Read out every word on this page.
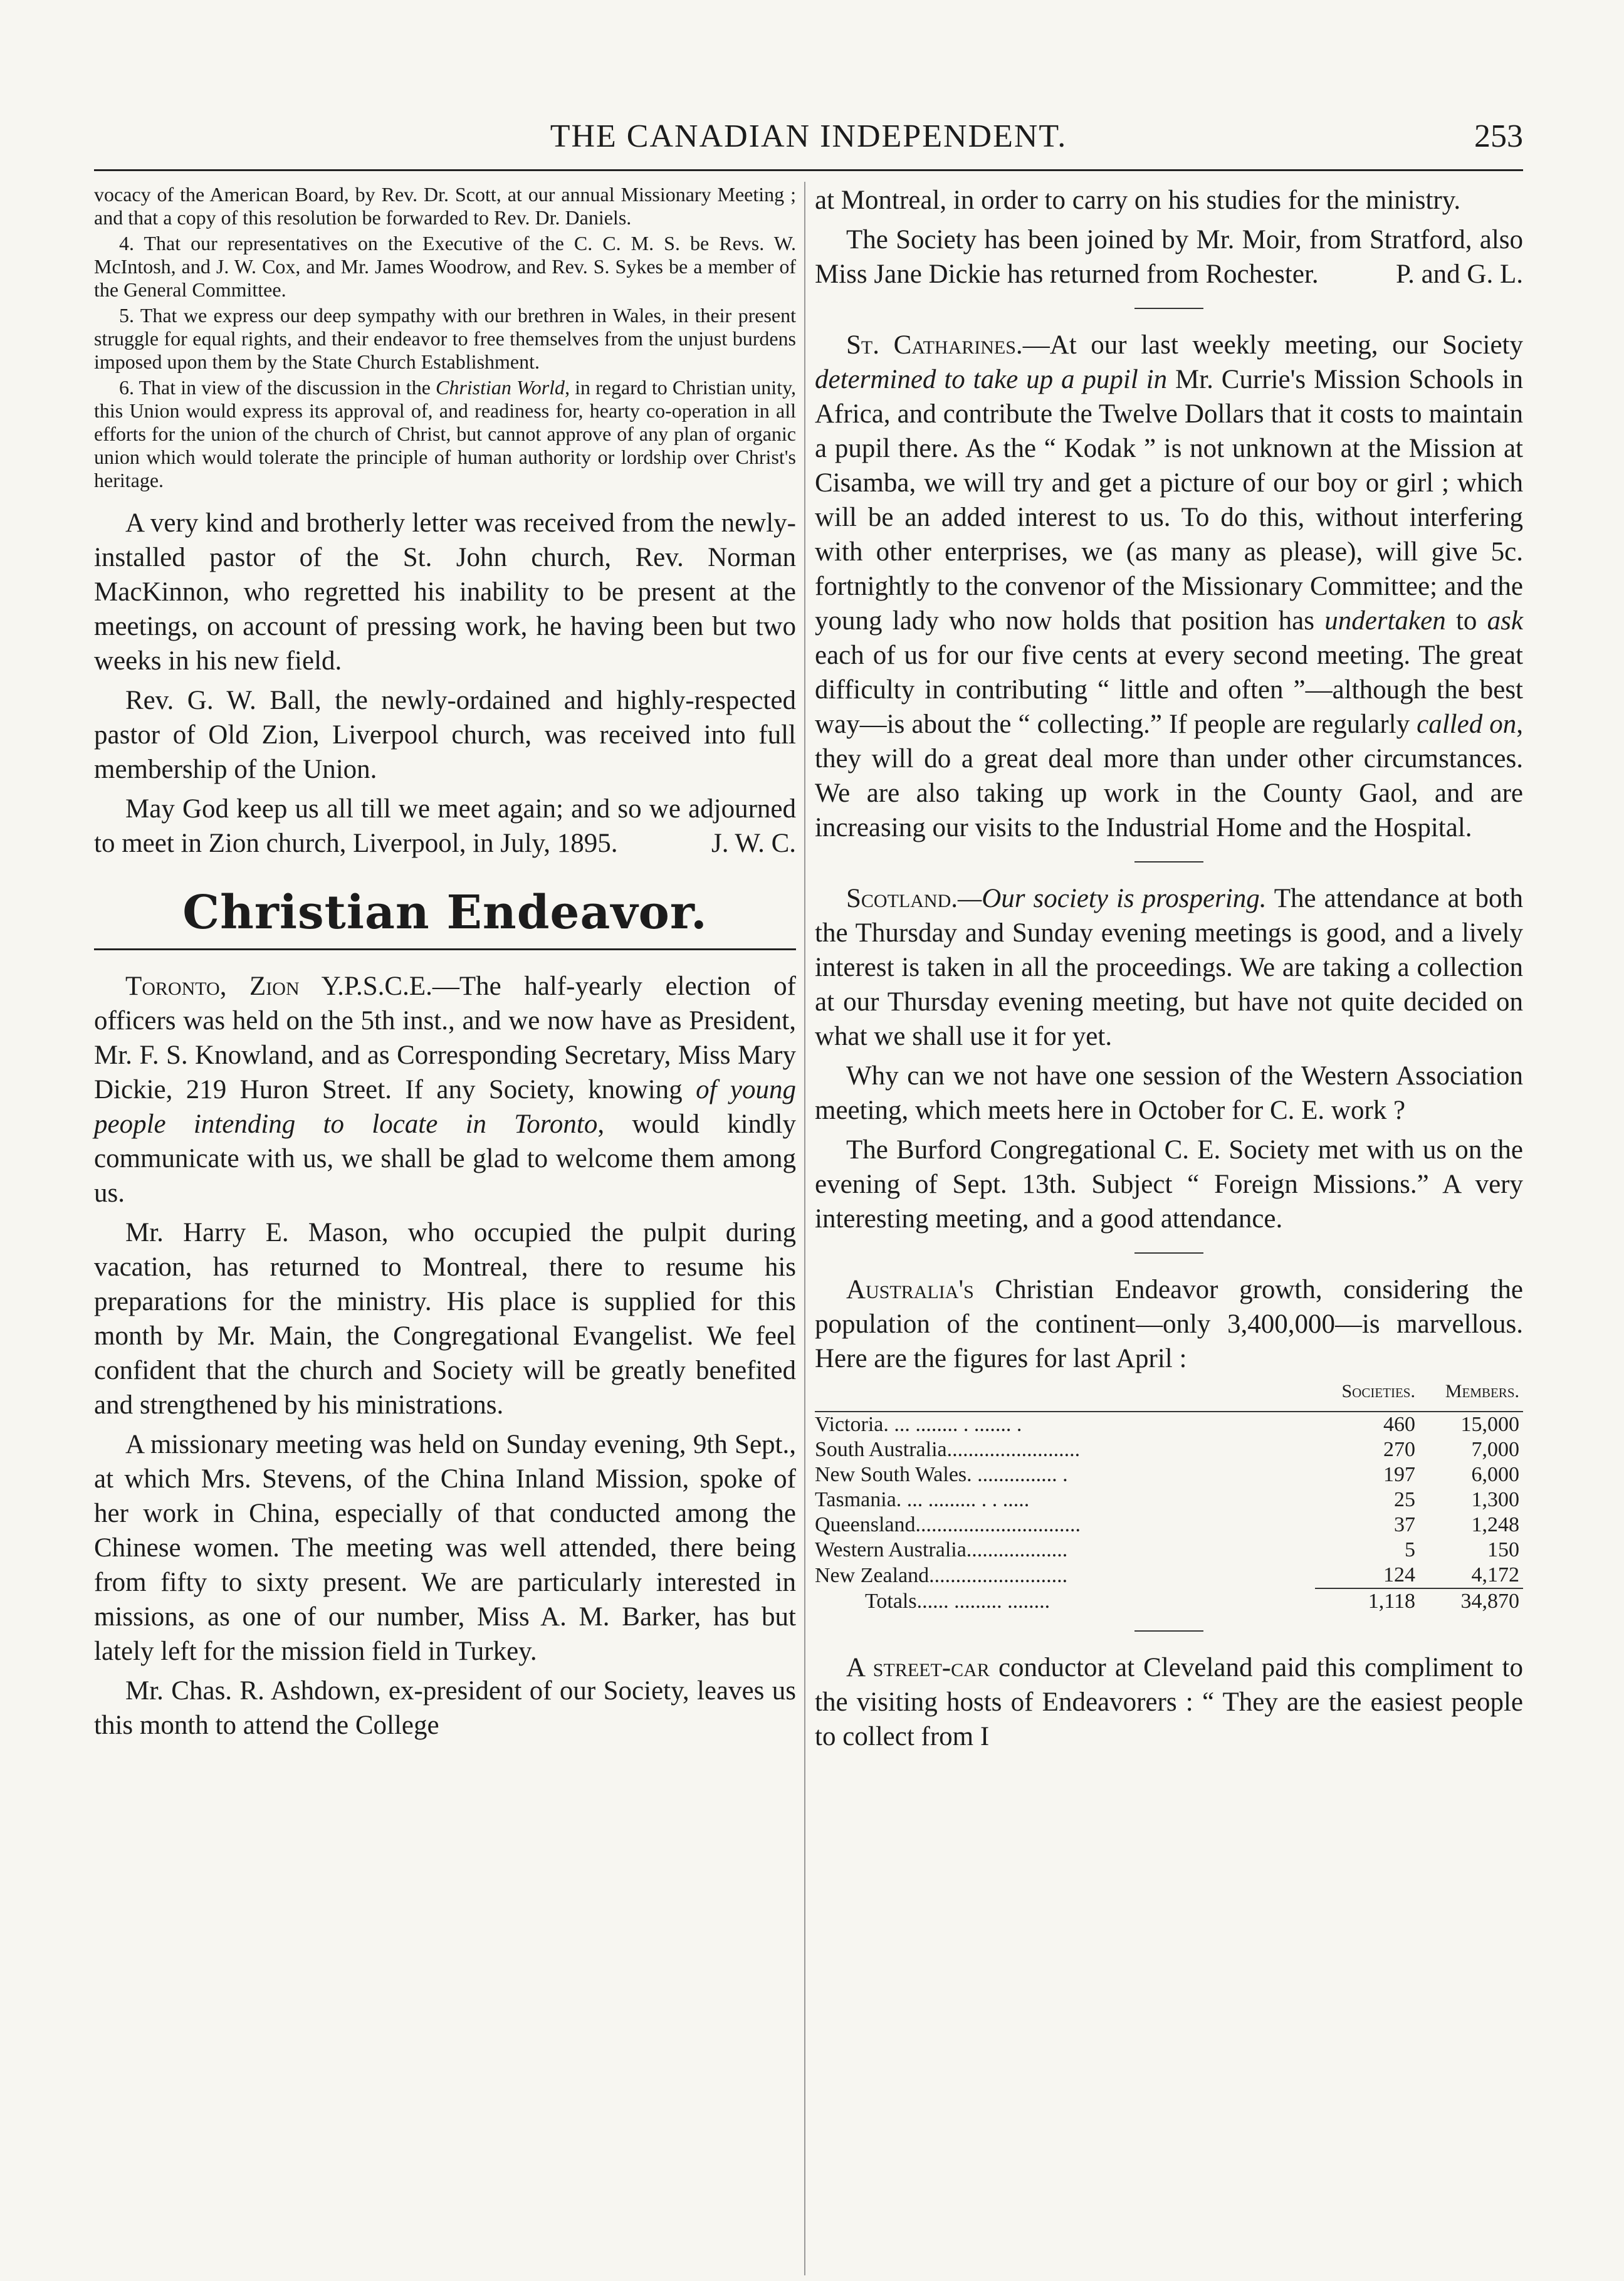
THE CANADIAN INDEPENDENT.	253

vocacy of the American Board, by Rev. Dr. Scott, at our annual Missionary Meeting ; and that a copy of this resolution be forwarded to Rev. Dr. Daniels.

4. That our representatives on the Executive of the C. C. M. S. be Revs. W. McIntosh, and J. W. Cox, and Mr. James Woodrow, and Rev. S. Sykes be a member of the General Committee.

5. That we express our deep sympathy with our brethren in Wales, in their present struggle for equal rights, and their endeavor to free themselves from the unjust burdens imposed upon them by the State Church Establishment.

6. That in view of the discussion in the Christian World, in regard to Christian unity, this Union would express its approval of, and readiness for, hearty co-operation in all efforts for the union of the church of Christ, but cannot approve of any plan of organic union which would tolerate the principle of human authority or lordship over Christ's heritage.

A very kind and brotherly letter was received from the newly-installed pastor of the St. John church, Rev. Norman MacKinnon, who regretted his inability to be present at the meetings, on account of pressing work, he having been but two weeks in his new field.

Rev. G. W. Ball, the newly-ordained and highly-respected pastor of Old Zion, Liverpool church, was received into full membership of the Union.

May God keep us all till we meet again; and so we adjourned to meet in Zion church, Liverpool, in July, 1895.	J. W. C.

Christian Endeavor.

Toronto, Zion Y.P.S.C.E.—The half-yearly election of officers was held on the 5th inst., and we now have as President, Mr. F. S. Knowland, and as Corresponding Secretary, Miss Mary Dickie, 219 Huron Street. If any Society, knowing of young people intending to locate in Toronto, would kindly communicate with us, we shall be glad to welcome them among us.

Mr. Harry E. Mason, who occupied the pulpit during vacation, has returned to Montreal, there to resume his preparations for the ministry. His place is supplied for this month by Mr. Main, the Congregational Evangelist. We feel confident that the church and Society will be greatly benefited and strengthened by his ministrations.

A missionary meeting was held on Sunday evening, 9th Sept., at which Mrs. Stevens, of the China Inland Mission, spoke of her work in China, especially of that conducted among the Chinese women. The meeting was well attended, there being from fifty to sixty present. We are particularly interested in missions, as one of our number, Miss A. M. Barker, has but lately left for the mission field in Turkey.

Mr. Chas. R. Ashdown, ex-president of our Society, leaves us this month to attend the College

at Montreal, in order to carry on his studies for the ministry.

The Society has been joined by Mr. Moir, from Stratford, also Miss Jane Dickie has returned from Rochester.	P. and G. L.

St. Catharines.—At our last weekly meeting, our Society determined to take up a pupil in Mr. Currie's Mission Schools in Africa, and contribute the Twelve Dollars that it costs to maintain a pupil there. As the “ Kodak ” is not unknown at the Mission at Cisamba, we will try and get a picture of our boy or girl ; which will be an added interest to us. To do this, without interfering with other enterprises, we (as many as please), will give 5c. fortnightly to the convenor of the Missionary Committee; and the young lady who now holds that position has undertaken to ask each of us for our five cents at every second meeting. The great difficulty in contributing “ little and often ”—although the best way—is about the “ collecting.” If people are regularly called on, they will do a great deal more than under other circumstances. We are also taking up work in the County Gaol, and are increasing our visits to the Industrial Home and the Hospital.

Scotland.—Our society is prospering. The attendance at both the Thursday and Sunday evening meetings is good, and a lively interest is taken in all the proceedings. We are taking a collection at our Thursday evening meeting, but have not quite decided on what we shall use it for yet.

Why can we not have one session of the Western Association meeting, which meets here in October for C. E. work ?

The Burford Congregational C. E. Society met with us on the evening of Sept. 13th. Subject “ Foreign Missions.” A very interesting meeting, and a good attendance.

Australia's Christian Endeavor growth, considering the population of the continent—only 3,400,000—is marvellous. Here are the figures for last April :

	Societies.	Members.
Victoria. ... ........ . ....... .	460	15,000
South Australia.........................	270	7,000
New South Wales. ............... .	197	6,000
Tasmania. ... ......... . . .....	25	1,300
Queensland...............................	37	1,248
Western Australia...................	5	150
New Zealand..........................	124	4,172
Totals...... ......... ........	1,118	34,870

A street-car conductor at Cleveland paid this compliment to the visiting hosts of Endeavorers : “ They are the easiest people to collect from I
